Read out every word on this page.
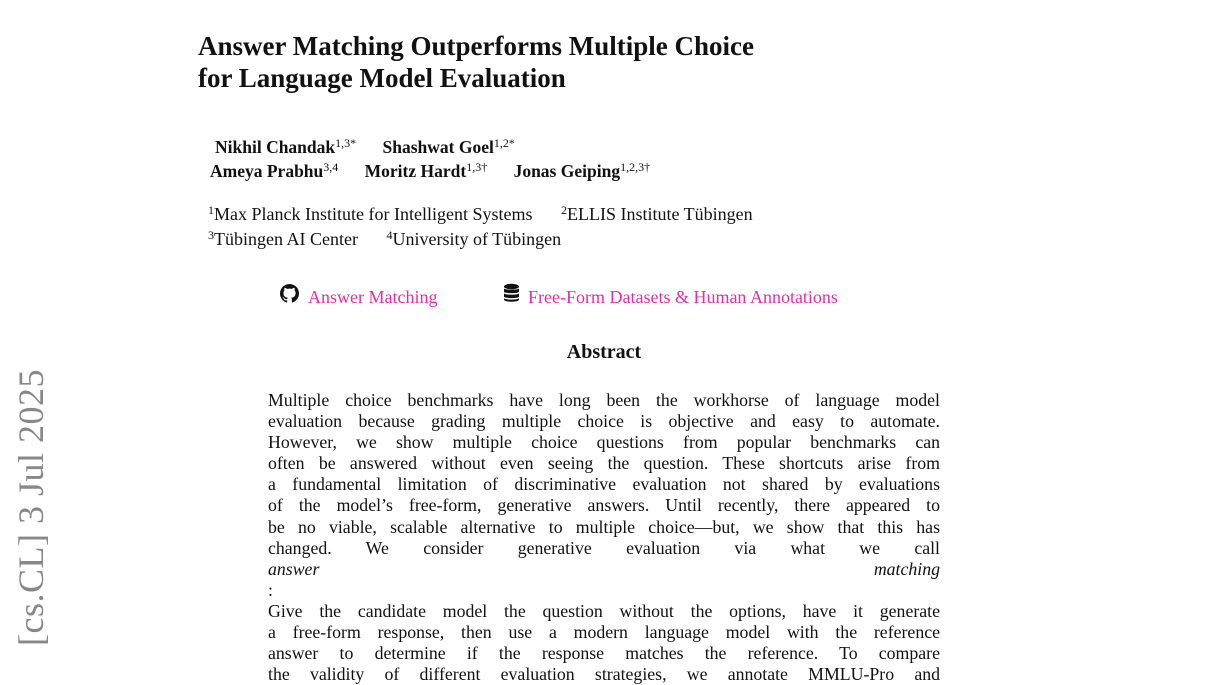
[cs.CL] 3 Jul 2025
Answer Matching Outperforms Multiple Choice
for Language Model Evaluation
Nikhil Chandak$^{1,3*}$ Shashwat Goel$^{1,2*}$
Ameya Prabhu$^{3,4}$ Moritz Hardt$^{1,3\dagger}$ Jonas Geiping$^{1,2,3\dagger}$
$^1$Max Planck Institute for Intelligent Systems $^2$ELLIS Institute Tübingen
$^3$Tübingen AI Center $^4$University of Tübingen
Answer Matching
	Free-Form Datasets & Human Annotations
Abstract
Multiple choice benchmarks have long been the workhorse of language model
evaluation because grading multiple choice is objective and easy to automate.
However, we show multiple choice questions from popular benchmarks can
often be answered without even seeing the question. These shortcuts arise from
a fundamental limitation of discriminative evaluation not shared by evaluations
of the model’s free-form, generative answers. Until recently, there appeared to
be no viable, scalable alternative to multiple choice—but, we show that this has
changed. We consider generative evaluation via what we call
answer matching
:
Give the candidate model the question without the options, have it generate
a free-form response, then use a modern language model with the reference
answer to determine if the response matches the reference. To compare
the validity of different evaluation strategies, we annotate MMLU-Pro and
